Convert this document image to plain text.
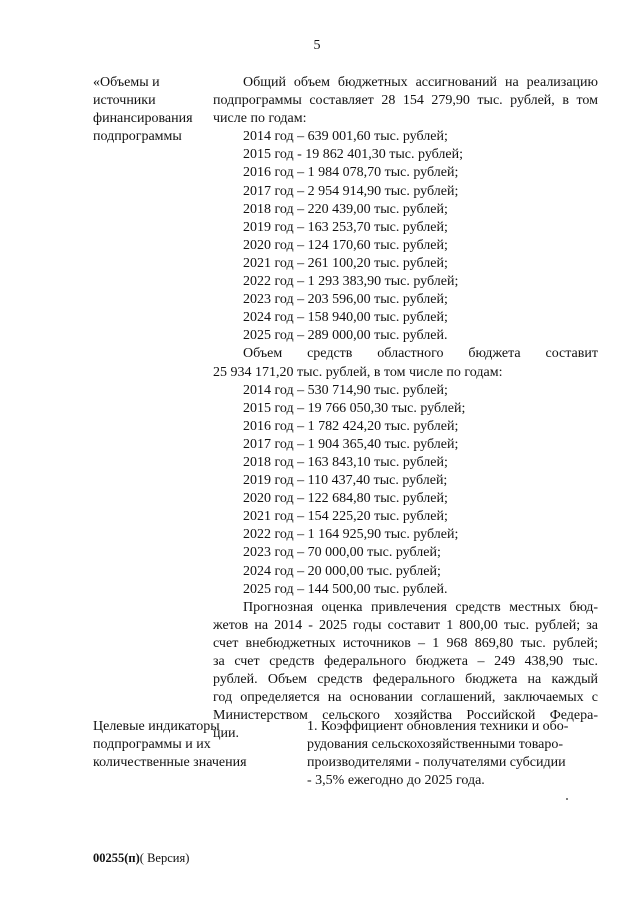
5
«Объемы и
источники
финансирования
подпрограммы
Общий объем бюджетных ассигнований на реализацию
подпрограммы составляет 28 154 279,90 тыс. рублей, в том
числе по годам:
2014 год – 639 001,60 тыс. рублей;
2015 год - 19 862 401,30 тыс. рублей;
2016 год – 1 984 078,70 тыс. рублей;
2017 год – 2 954 914,90 тыс. рублей;
2018 год – 220 439,00 тыс. рублей;
2019 год – 163 253,70 тыс. рублей;
2020 год – 124 170,60 тыс. рублей;
2021 год – 261 100,20 тыс. рублей;
2022 год – 1 293 383,90 тыс. рублей;
2023 год – 203 596,00 тыс. рублей;
2024 год – 158 940,00 тыс. рублей;
2025 год – 289 000,00 тыс. рублей.
Объем средств областного бюджета составит
25 934 171,20 тыс. рублей, в том числе по годам:
2014 год – 530 714,90 тыс. рублей;
2015 год – 19 766 050,30 тыс. рублей;
2016 год – 1 782 424,20 тыс. рублей;
2017 год – 1 904 365,40 тыс. рублей;
2018 год – 163 843,10 тыс. рублей;
2019 год – 110 437,40 тыс. рублей;
2020 год – 122 684,80 тыс. рублей;
2021 год – 154 225,20 тыс. рублей;
2022 год – 1 164 925,90 тыс. рублей;
2023 год – 70 000,00 тыс. рублей;
2024 год – 20 000,00 тыс. рублей;
2025 год – 144 500,00 тыс. рублей.
Прогнозная оценка привлечения средств местных бюд-
жетов на 2014 - 2025 годы составит 1 800,00 тыс. рублей; за
счет внебюджетных источников – 1 968 869,80 тыс. рублей;
за счет средств федерального бюджета – 249 438,90 тыс.
рублей. Объем средств федерального бюджета на каждый
год определяется на основании соглашений, заключаемых с
Министерством сельского хозяйства Российской Федера-
ции.
Целевые индикаторы
подпрограммы и их
количественные значения
1. Коэффициент обновления техники и обо-
рудования сельскохозяйственными товаро-
производителями - получателями субсидии
- 3,5% ежегодно до 2025 года.
00255(п)( Версия)
